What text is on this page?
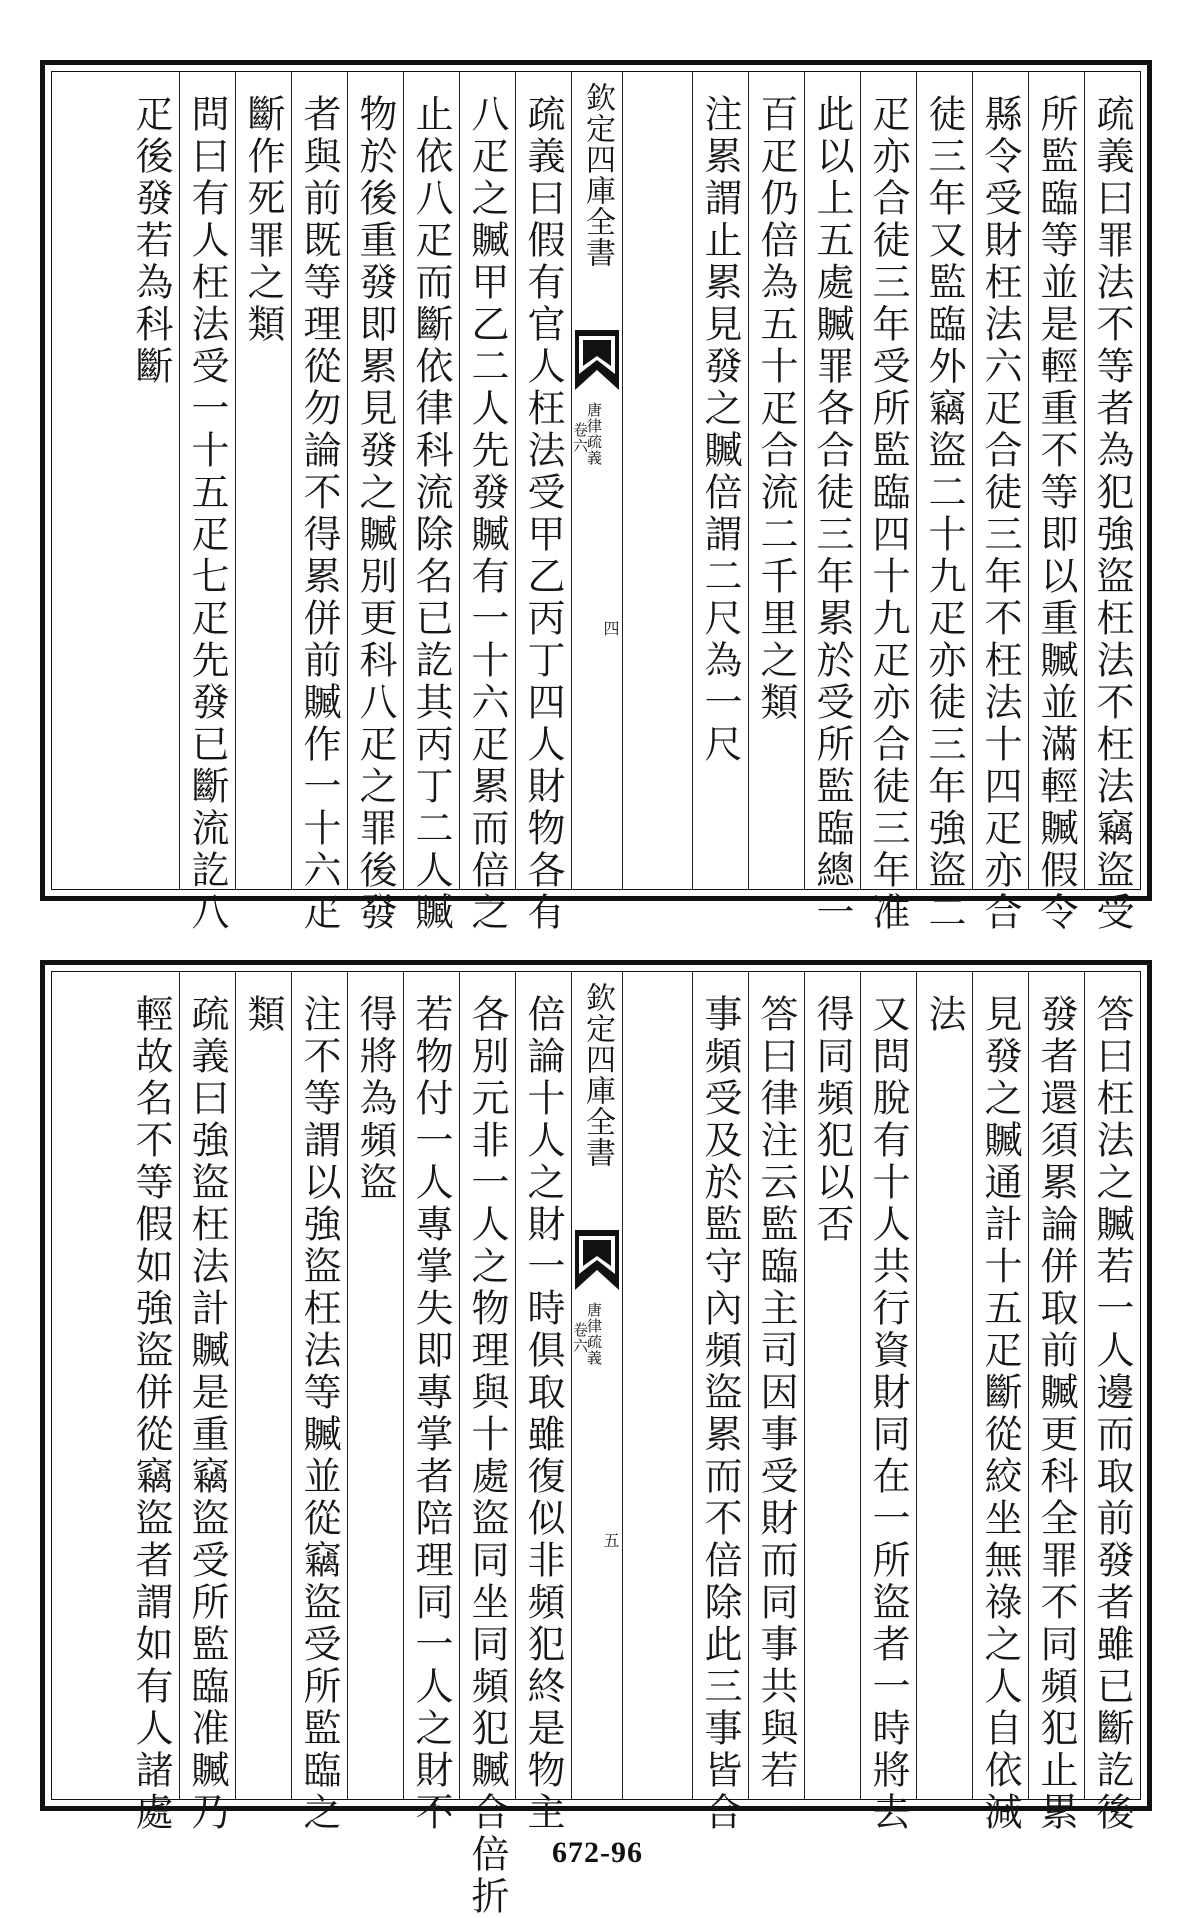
疏義曰罪法不等者為犯強盜枉法不枉法竊盜受
所監臨等並是輕重不等即以重贓並滿輕贓假令
縣令受財枉法六疋合徒三年不枉法十四疋亦合
徒三年又監臨外竊盜二十九疋亦徒三年強盜二
疋亦合徒三年受所監臨四十九疋亦合徒三年准
此以上五處贓罪各合徒三年累於受所監臨總一
百疋仍倍為五十疋合流二千里之類
注累謂止累見發之贓倍謂二尺為一尺
欽定四庫全書
唐律疏義
卷六
四
疏義曰假有官人枉法受甲乙丙丁四人財物各有
八疋之贓甲乙二人先發贓有一十六疋累而倍之
止依八疋而斷依律科流除名已訖其丙丁二人贓
物於後重發即累見發之贓別更科八疋之罪後發
者與前既等理從勿論不得累併前贓作一十六疋
斷作死罪之類
問曰有人枉法受一十五疋七疋先發已斷流訖八
疋後發若為科斷
答曰枉法之贓若一人邊而取前發者雖已斷訖後
發者還須累論併取前贓更科全罪不同頻犯止累
見發之贓通計十五疋斷從絞坐無祿之人自依減
法
又問脫有十人共行資財同在一所盜者一時將去
得同頻犯以否
答曰律注云監臨主司因事受財而同事共與若一
事頻受及於監守內頻盜累而不倍除此三事皆合
欽定四庫全書
唐律疏義
卷六
五
倍論十人之財一時俱取雖復似非頻犯終是物主
各別元非一人之物理與十處盜同坐同頻犯贓合倍折
若物付一人專掌失即專掌者陪理同一人之財不
得將為頻盜
注不等謂以強盜枉法等贓並從竊盜受所監臨之
類
疏義曰強盜枉法計贓是重竊盜受所監臨准贓乃
輕故名不等假如強盜併從竊盜者謂如有人諸處
672-96
